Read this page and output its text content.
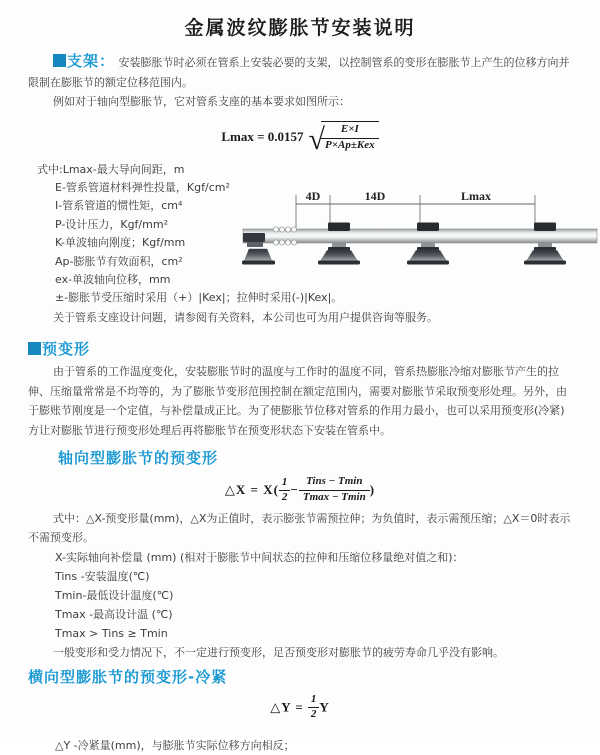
金属波纹膨胀节安装说明

支架： 安装膨胀节时必须在管系上安装必要的支架，以控制管系的变形在膨胀节上产生的位移方向并限制在膨胀节的额定位移范围内。

例如对于轴向型膨胀节，它对管系支座的基本要求如图所示：

Lmax = 0.0157 √	E×I
P×Ap±Kex
式中:Lmax-最大导向间距，m
E-管系管道材料弹性投量，Kgf/cm²
I-管系管道的惯性矩，cm⁴
P-设计压力，Kgf/mm²
K-单波轴向刚度；Kgf/mm
Ap-膨胀节有效面积，cm²
ex-单波轴向位移，mm
±-膨胀节受压缩时采用（+）|Kex|；拉伸时采用(-)|Kex|。

关于管系支座设计问题，请参阅有关资料，本公司也可为用户提供咨询等服务。

4D	14D	Lmax
预变形

由于管系的工作温度变化，安装膨胀节时的温度与工作时的温度不同，管系热膨胀冷缩对膨胀节产生的拉伸、压缩量常常是不均等的，为了膨胀节变形范围控制在额定范围内，需要对膨胀节采取预变形处理。另外，由于膨账节刚度是一个定值，与补偿量成正比。为了使膨胀节位移对管系的作用力最小，也可以采用预变形(冷紧)方让对膨胀节进行预变形处理后再将膨胀节在预变形状态下安装在管系中。

轴向型膨胀节的预变形
△X = $X( \frac{1}{2}$ −
Tins − Tmin
Tmax − Tmin )

式中：△X-预变形量(mm)，△X为正值时，表示膨张节需预拉伸；为负值时，表示需预压缩；△X＝0时表示不需预变形。

X-实际轴向补偿量 (mm) (相对于膨胀节中间状态的拉伸和压缩位移量绝对值之和)：
Tins -安装温度(℃)
Tmin-最低设计温度(℃)
Tmax -最高设计温 (℃)
Tmax > Tins ≥ Tmin

一般变形和受力情况下，不一定进行预变形，足否预变形对膨胀节的疲劳寿命几乎没有影响。

横向型膨胀节的预变形-冷紧
△Y = $\frac{1}{2}$ Y
△Y -冷紧量(mm)，与膨胀节实际位移方向相反；
